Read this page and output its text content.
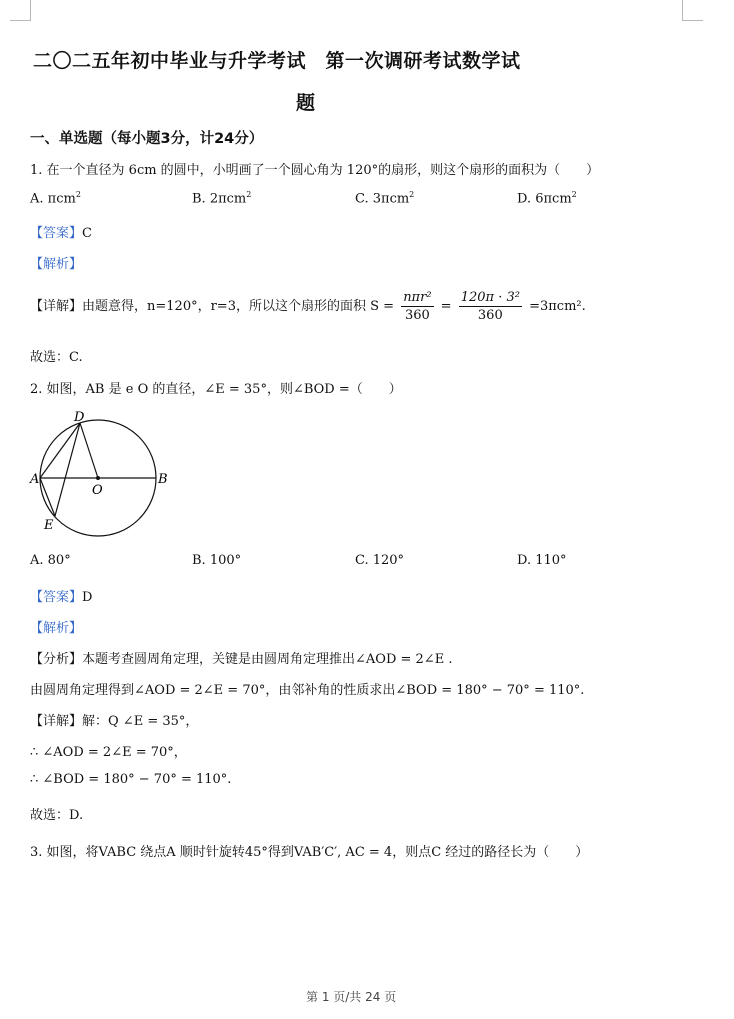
二〇二五年初中毕业与升学考试　第一次调研考试数学试
题
一、单选题（每小题3分，计24分）
1. 在一个直径为 6cm 的圆中，小明画了一个圆心角为 120°的扇形，则这个扇形的面积为（　　）
A. πcm$^2$	B. 2πcm$^2$	C. 3πcm$^2$	D. 6πcm$^2$
【答案】C
【解析】
【详解】由题意得，n=120°，r=3，所以这个扇形的面积 $S = \frac{\text{nπr²}}{360} = \frac{\text{120π · 3²}}{360} =3\pi cm^2$.
故选：C.
2. 如图，AB 是 e O 的直径，∠E = 35°，则∠BOD =（　　）
D
A
O
B
E
A. 80°	B. 100°	C. 120°	D. 110°
【答案】D
【解析】
【分析】本题考查圆周角定理，关键是由圆周角定理推出∠AOD = 2∠E .
由圆周角定理得到∠AOD = 2∠E = 70°，由邻补角的性质求出∠BOD = 180° − 70° = 110°.
【详解】解：Q ∠E = 35°，
∴ ∠AOD = 2∠E = 70°，
∴ ∠BOD = 180° − 70° = 110°.
故选：D.
3. 如图，将VABC 绕点A 顺时针旋转45°得到VAB′C′, AC = 4，则点C 经过的路径长为（　　）
第 1 页/共 24 页
